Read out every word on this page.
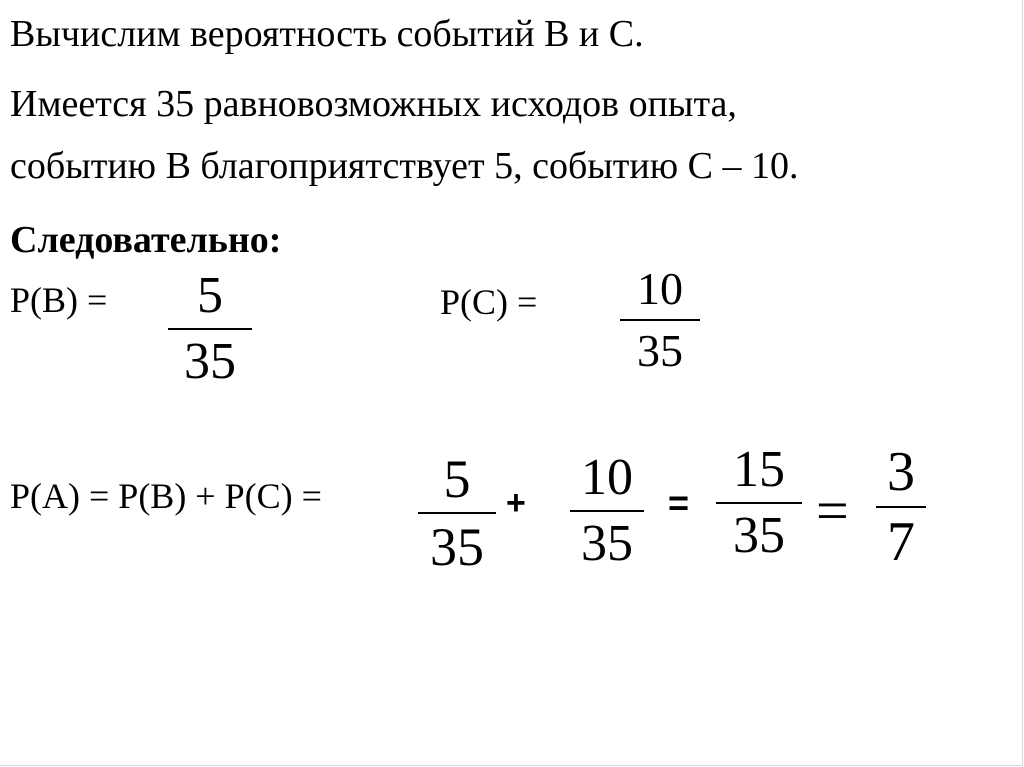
Вычислим вероятность событий В и С.
Имеется 35 равновозможных исходов опыта,
событию В благоприятствует 5, событию С – 10.
Следовательно:
P(B) =	5
35
P(C) =	10
35
P(A) = P(B) + P(C) =	5
35
+ 10
35
=
15
35 =
3
7
